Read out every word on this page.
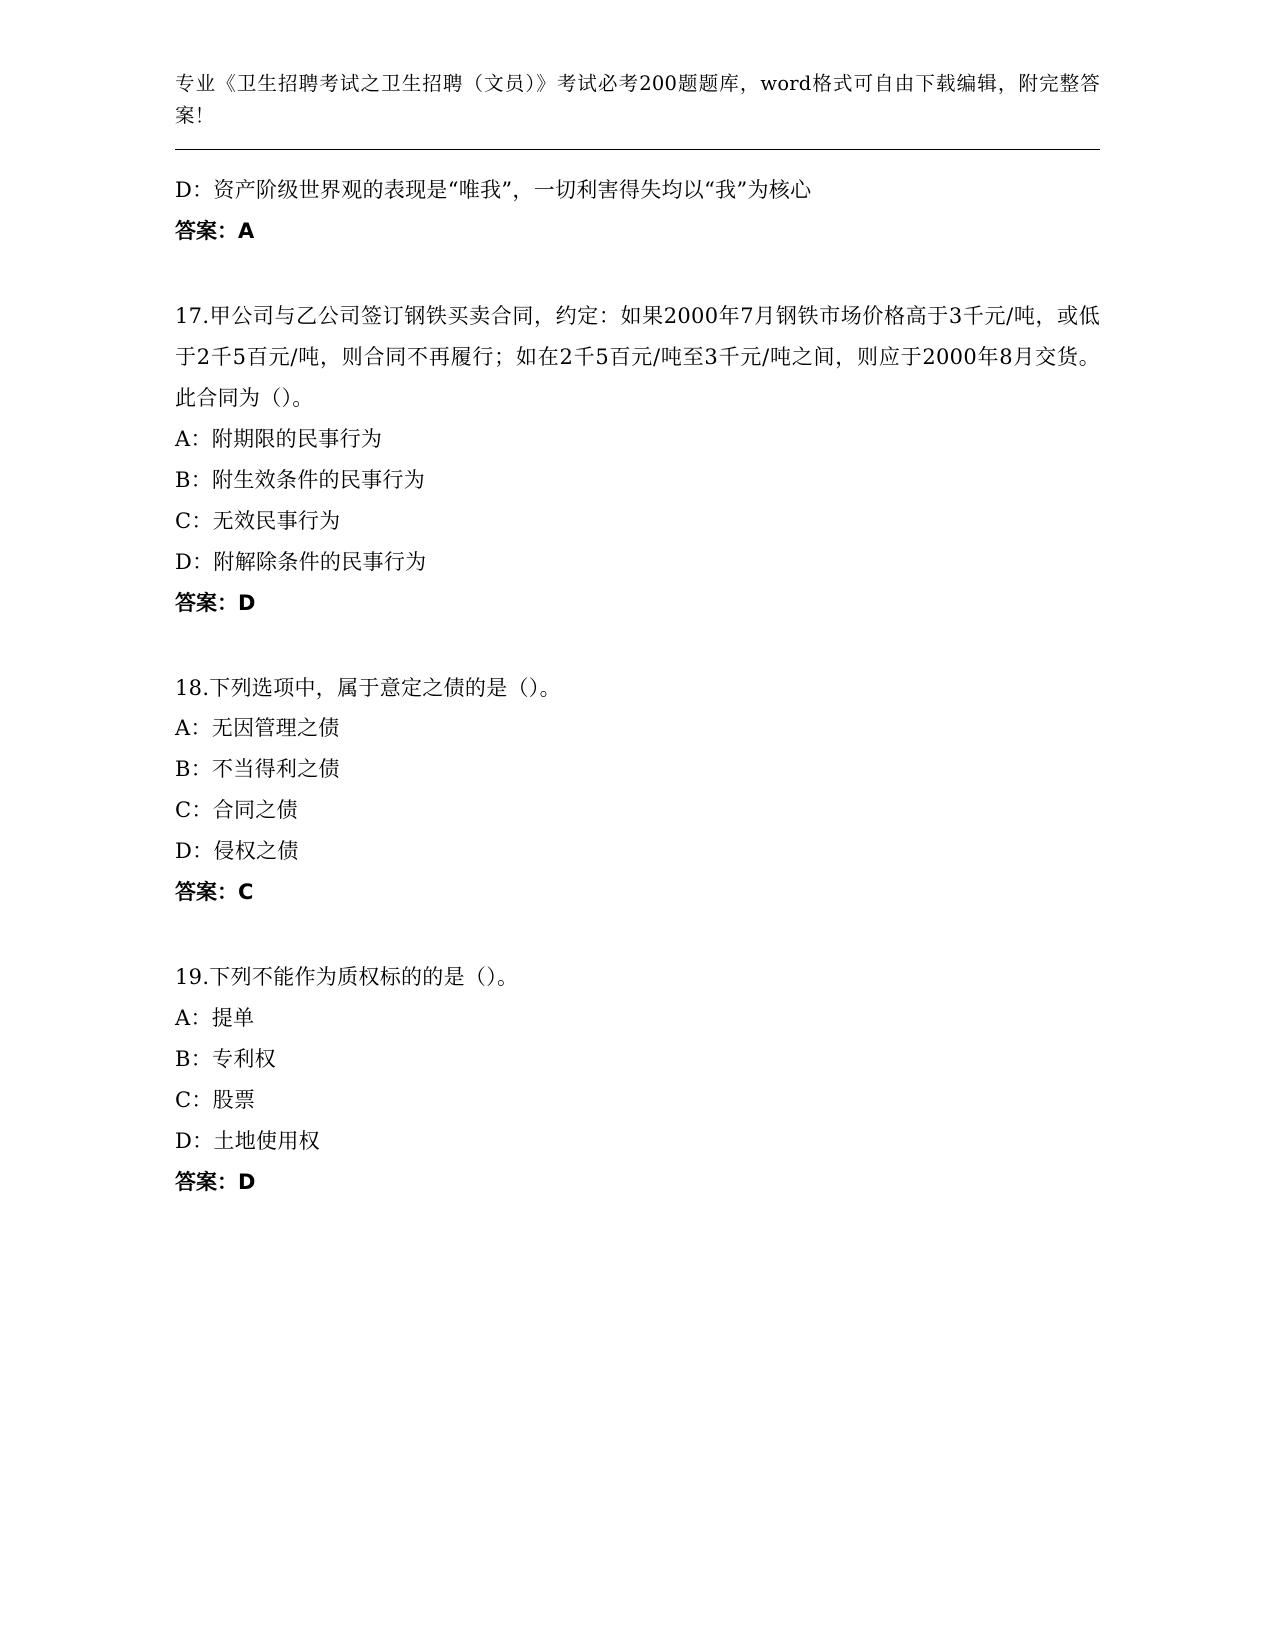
专业《卫生招聘考试之卫生招聘（文员）》考试必考200题题库，word格式可自由下载编辑，附完整答案！
D：资产阶级世界观的表现是“唯我”，一切利害得失均以“我”为核心
答案：A
17.甲公司与乙公司签订钢铁买卖合同，约定：如果2000年7月钢铁市场价格高于3千元/吨，或低于2千5百元/吨，则合同不再履行；如在2千5百元/吨至3千元/吨之间，则应于2000年8月交货。此合同为（）。
A：附期限的民事行为
B：附生效条件的民事行为
C：无效民事行为
D：附解除条件的民事行为
答案：D
18.下列选项中，属于意定之债的是（）。
A：无因管理之债
B：不当得利之债
C：合同之债
D：侵权之债
答案：C
19.下列不能作为质权标的的是（）。
A：提单
B：专利权
C：股票
D：土地使用权
答案：D
